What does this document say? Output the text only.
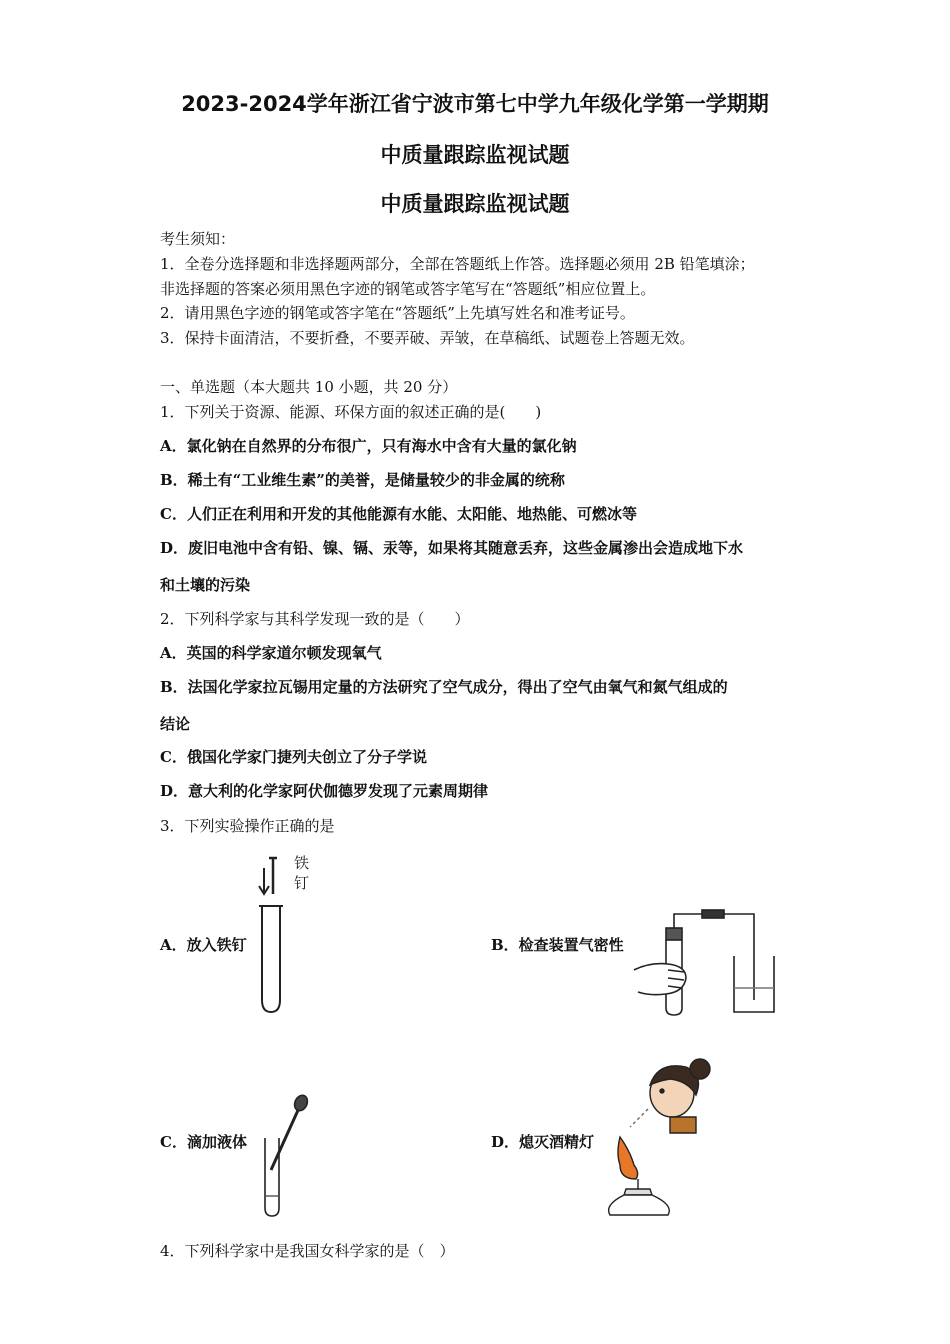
2023-2024学年浙江省宁波市第七中学九年级化学第一学期期
中质量跟踪监视试题
中质量跟踪监视试题
考生须知：
1．全卷分选择题和非选择题两部分，全部在答题纸上作答。选择题必须用 2B 铅笔填涂；
非选择题的答案必须用黑色字迹的钢笔或答字笔写在“答题纸”相应位置上。
2．请用黑色字迹的钢笔或答字笔在“答题纸”上先填写姓名和准考证号。
3．保持卡面清洁，不要折叠，不要弄破、弄皱，在草稿纸、试题卷上答题无效。
一、单选题（本大题共 10 小题，共 20 分）
1．下列关于资源、能源、环保方面的叙述正确的是(　　)
A．氯化钠在自然界的分布很广，只有海水中含有大量的氯化钠
B．稀土有“工业维生素”的美誉，是储量较少的非金属的统称
C．人们正在利用和开发的其他能源有水能、太阳能、地热能、可燃冰等
D．废旧电池中含有铅、镍、镉、汞等，如果将其随意丢弃，这些金属渗出会造成地下水
和土壤的污染
2．下列科学家与其科学发现一致的是（　　）
A．英国的科学家道尔顿发现氧气
B．法国化学家拉瓦锡用定量的方法研究了空气成分，得出了空气由氧气和氮气组成的
结论
C．俄国化学家门捷列夫创立了分子学说
D．意大利的化学家阿伏伽德罗发现了元素周期律
3．下列实验操作正确的是
A．放入铁钉
铁
钉
B．检查装置气密性
C．滴加液体	D．熄灭酒精灯
4．下列科学家中是我国女科学家的是（　）
